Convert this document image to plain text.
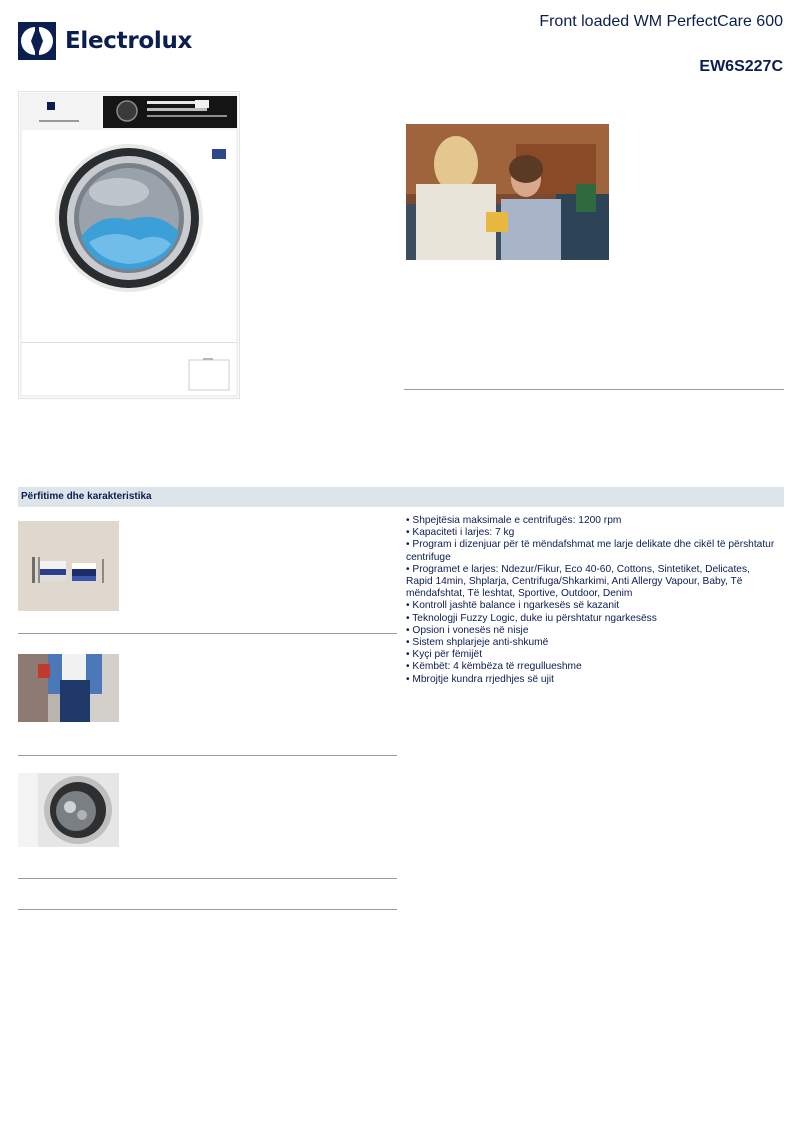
Electrolux
Front loaded WM PerfectCare 600
EW6S227C
Përfitime dhe karakteristika
• Shpejtësia maksimale e centrifugës: 1200 rpm
• Kapaciteti i larjes: 7 kg
• Program i dizenjuar për të mëndafshmat me larje delikate dhe cikël të përshtatur centrifuge
• Programet e larjes: Ndezur/Fikur, Eco 40-60, Cottons, Sintetiket, Delicates, Rapid 14min, Shplarja, Centrifuga/Shkarkimi, Anti Allergy Vapour, Baby, Të mëndafshtat, Të leshtat, Sportive, Outdoor, Denim
• Kontroll jashtë balance i ngarkesës së kazanit
• Teknologji Fuzzy Logic, duke iu përshtatur ngarkesëss
• Opsion i vonesës në nisje
• Sistem shplarjeje anti-shkumë
• Kyçi për fëmijët
• Këmbët: 4 këmbëza të rregullueshme
• Mbrojtje kundra rrjedhjes së ujit
